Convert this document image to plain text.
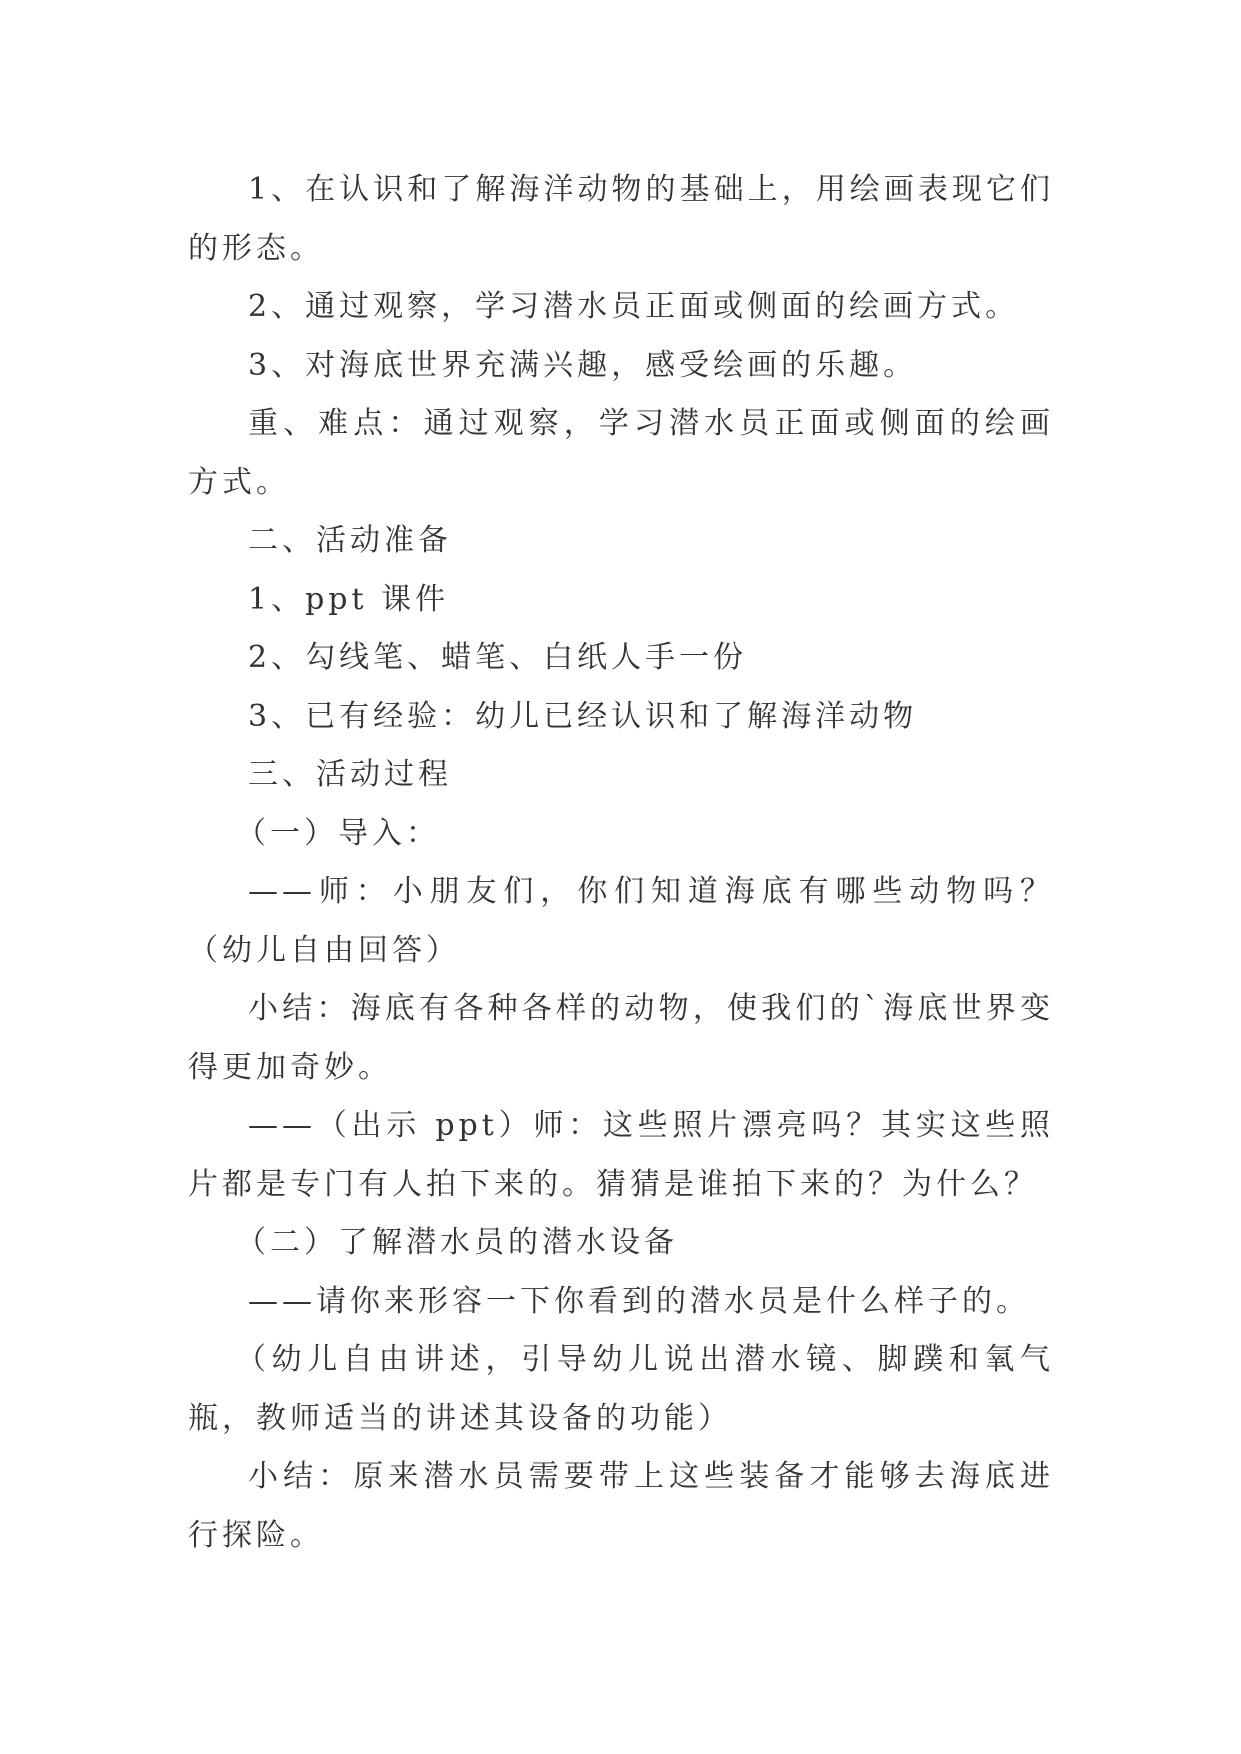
1、在认识和了解海洋动物的基础上，用绘画表现它们的形态。

2、通过观察，学习潜水员正面或侧面的绘画方式。

3、对海底世界充满兴趣，感受绘画的乐趣。

重、难点：通过观察，学习潜水员正面或侧面的绘画方式。

二、活动准备

1、ppt 课件

2、勾线笔、蜡笔、白纸人手一份

3、已有经验：幼儿已经认识和了解海洋动物

三、活动过程

（一）导入：

——师：小朋友们，你们知道海底有哪些动物吗？（幼儿自由回答）

小结：海底有各种各样的动物，使我们的`海底世界变得更加奇妙。

——（出示 ppt）师：这些照片漂亮吗？其实这些照片都是专门有人拍下来的。猜猜是谁拍下来的？为什么？

（二）了解潜水员的潜水设备

——请你来形容一下你看到的潜水员是什么样子的。

（幼儿自由讲述，引导幼儿说出潜水镜、脚蹼和氧气瓶，教师适当的讲述其设备的功能）

小结：原来潜水员需要带上这些装备才能够去海底进行探险。
